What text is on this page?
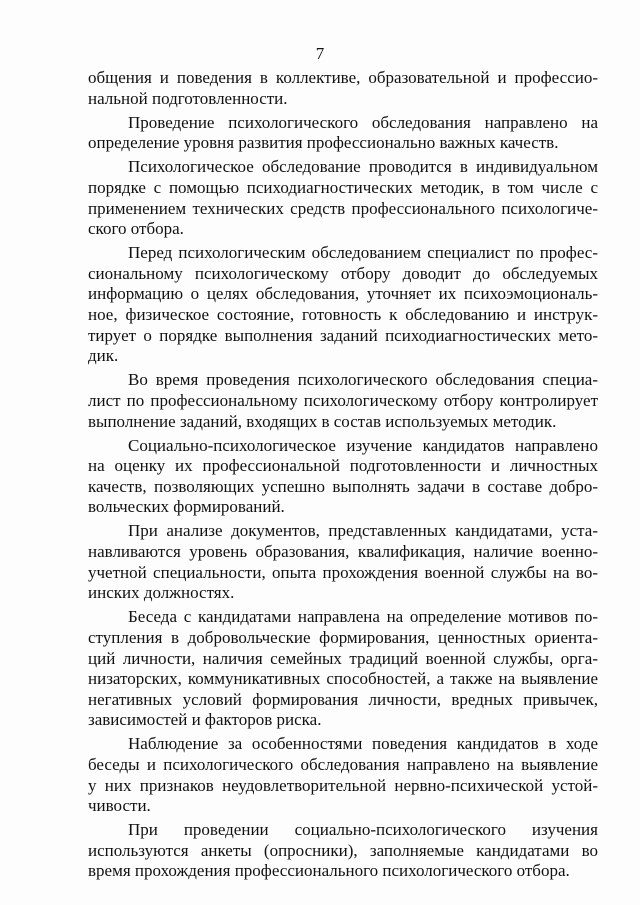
7

общения и поведения в коллективе, образовательной и профессио-
нальной подготовленности.

Проведение психологического обследования направлено на
определение уровня развития профессионально важных качеств.

Психологическое обследование проводится в индивидуальном
порядке с помощью психодиагностических методик, в том числе с
применением технических средств профессионального психологиче-
ского отбора.

Перед психологическим обследованием специалист по профес-
сиональному психологическому отбору доводит до обследуемых
информацию о целях обследования, уточняет их психоэмоциональ-
ное, физическое состояние, готовность к обследованию и инструк-
тирует о порядке выполнения заданий психодиагностических мето-
дик.

Во время проведения психологического обследования специа-
лист по профессиональному психологическому отбору контролирует
выполнение заданий, входящих в состав используемых методик.

Социально-психологическое изучение кандидатов направлено
на оценку их профессиональной подготовленности и личностных
качеств, позволяющих успешно выполнять задачи в составе добро-
вольческих формирований.

При анализе документов, представленных кандидатами, уста-
навливаются уровень образования, квалификация, наличие военно-
учетной специальности, опыта прохождения военной службы на во-
инских должностях.

Беседа с кандидатами направлена на определение мотивов по-
ступления в добровольческие формирования, ценностных ориента-
ций личности, наличия семейных традиций военной службы, орга-
низаторских, коммуникативных способностей, а также на выявление
негативных условий формирования личности, вредных привычек,
зависимостей и факторов риска.

Наблюдение за особенностями поведения кандидатов в ходе
беседы и психологического обследования направлено на выявление
у них признаков неудовлетворительной нервно-психической устой-
чивости.

При проведении социально-психологического изучения
используются анкеты (опросники), заполняемые кандидатами во
время прохождения профессионального психологического отбора.
